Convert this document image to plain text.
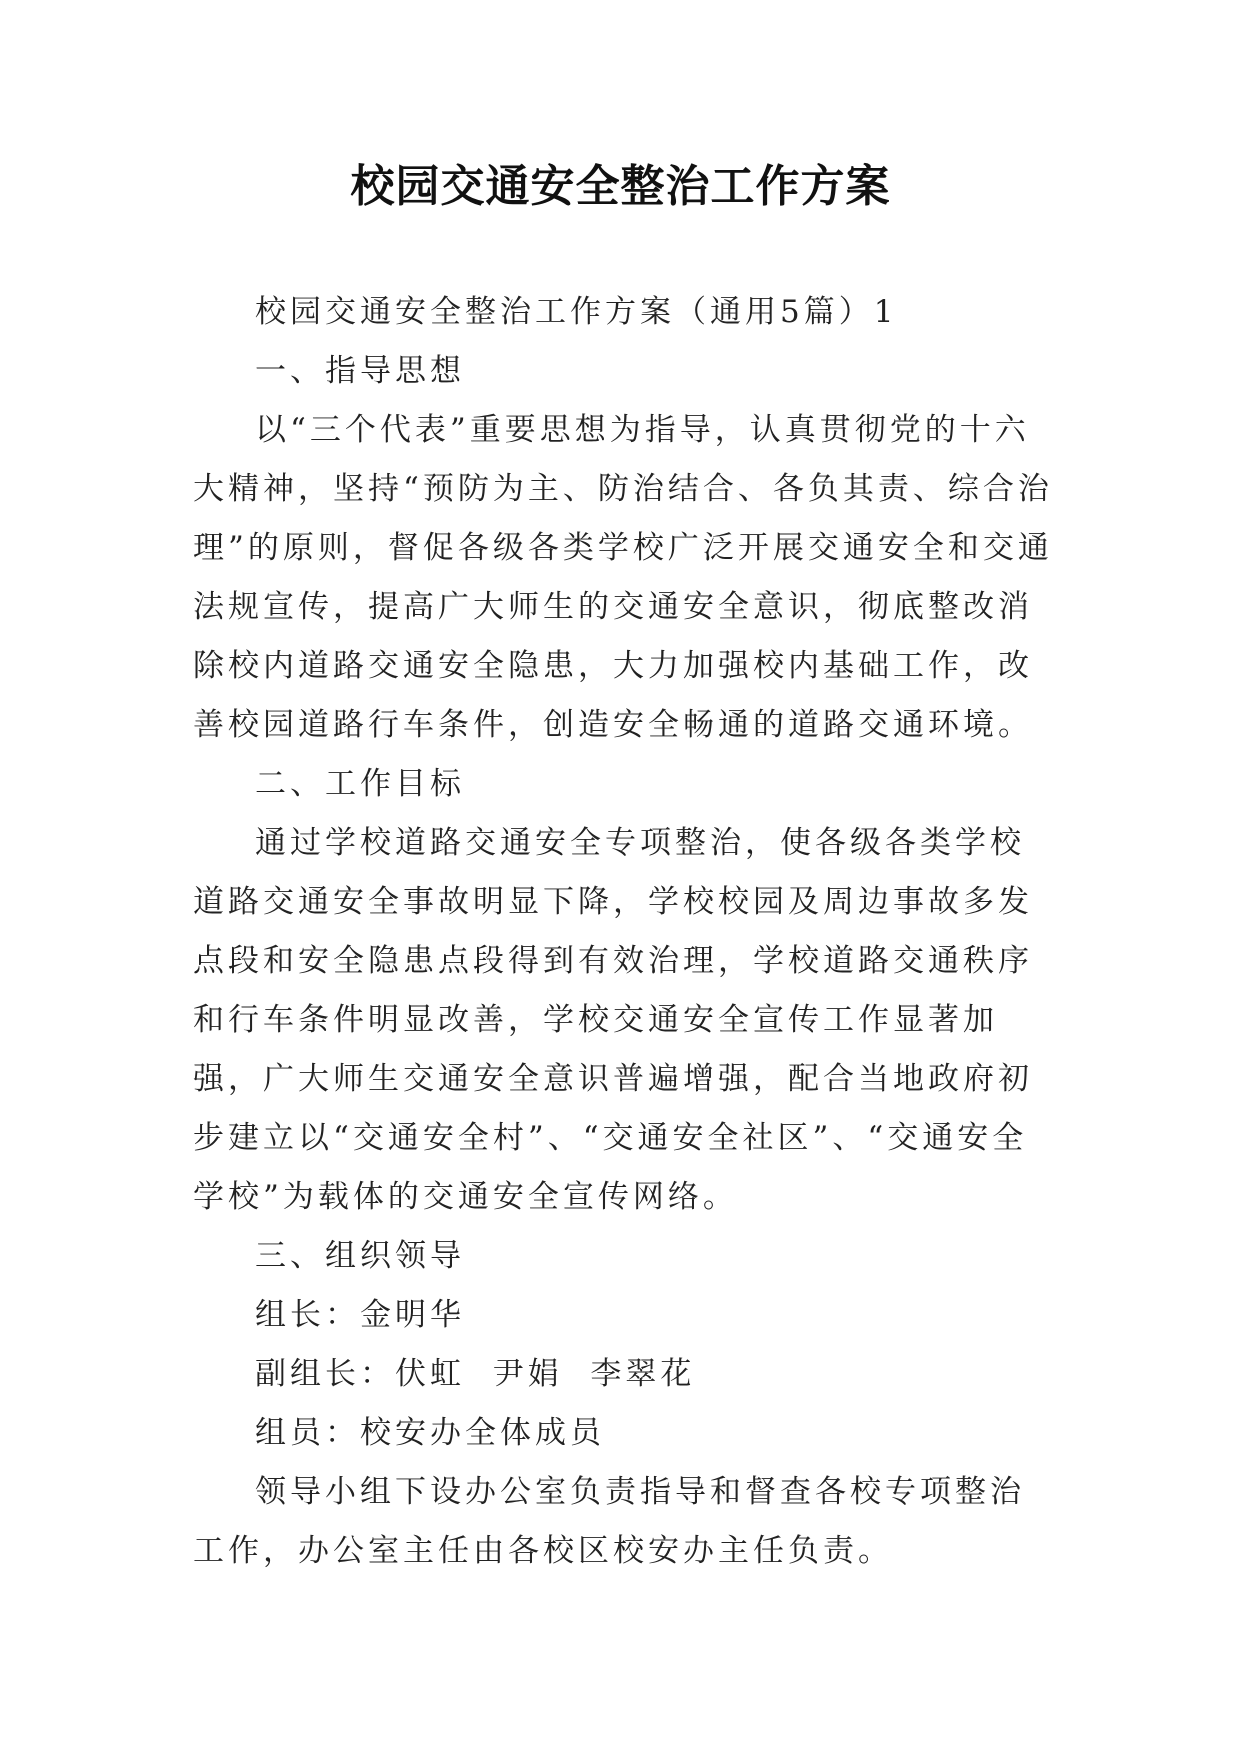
校园交通安全整治工作方案

校园交通安全整治工作方案（通用5篇）1

一、指导思想

以“三个代表”重要思想为指导，认真贯彻党的十六大精神，坚持“预防为主、防治结合、各负其责、综合治理”的原则，督促各级各类学校广泛开展交通安全和交通法规宣传，提高广大师生的交通安全意识，彻底整改消除校内道路交通安全隐患，大力加强校内基础工作，改善校园道路行车条件，创造安全畅通的道路交通环境。

二、工作目标

通过学校道路交通安全专项整治，使各级各类学校道路交通安全事故明显下降，学校校园及周边事故多发点段和安全隐患点段得到有效治理，学校道路交通秩序和行车条件明显改善，学校交通安全宣传工作显著加强，广大师生交通安全意识普遍增强，配合当地政府初步建立以“交通安全村”、“交通安全社区”、“交通安全学校”为载体的交通安全宣传网络。

三、组织领导

组长：金明华

副组长：伏虹  尹娟  李翠花

组员：校安办全体成员

领导小组下设办公室负责指导和督查各校专项整治工作，办公室主任由各校区校安办主任负责。
